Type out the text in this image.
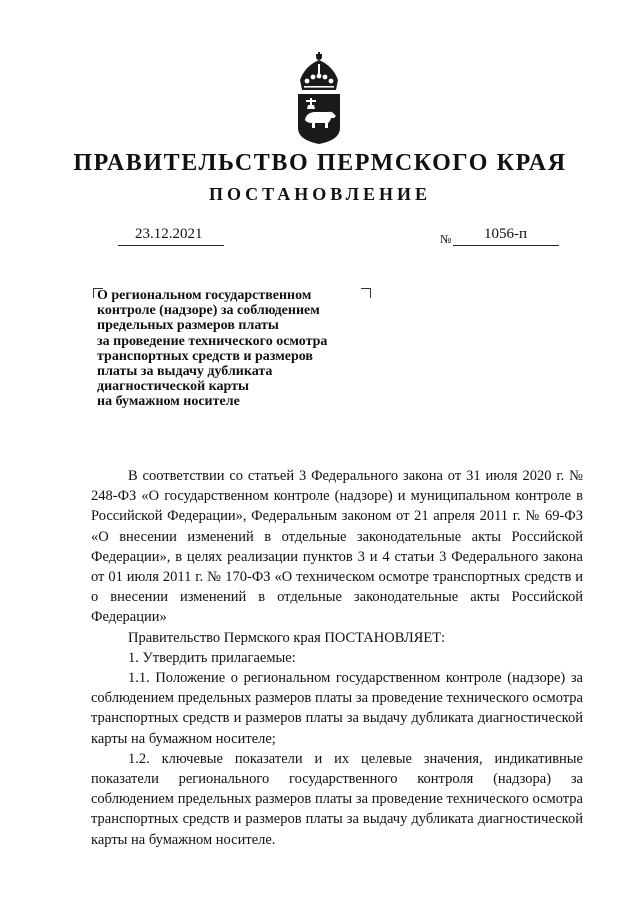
ПРАВИТЕЛЬСТВО ПЕРМСКОГО КРАЯ
ПОСТАНОВЛЕНИЕ
23.12.2021	№ 1056-п
О региональном государственном
контроле (надзоре) за соблюдением
предельных размеров платы
за проведение технического осмотра
транспортных средств и размеров
платы за выдачу дубликата
диагностической карты
на бумажном носителе

В соответствии со статьей 3 Федерального закона от 31 июля 2020 г. № 248-ФЗ «О государственном контроле (надзоре) и муниципальном контроле в Российской Федерации», Федеральным законом от 21 апреля 2011 г. № 69-ФЗ «О внесении изменений в отдельные законодательные акты Российской Федерации», в целях реализации пунктов 3 и 4 статьи 3 Федерального закона от 01 июля 2011 г. № 170-ФЗ «О техническом осмотре транспортных средств и о внесении изменений в отдельные законодательные акты Российской Федерации»

Правительство Пермского края ПОСТАНОВЛЯЕТ:

1. Утвердить прилагаемые:

1.1. Положение о региональном государственном контроле (надзоре) за соблюдением предельных размеров платы за проведение технического осмотра транспортных средств и размеров платы за выдачу дубликата диагностической карты на бумажном носителе;

1.2. ключевые показатели и их целевые значения, индикативные показатели регионального государственного контроля (надзора) за соблюдением предельных размеров платы за проведение технического осмотра транспортных средств и размеров платы за выдачу дубликата диагностической карты на бумажном носителе.
